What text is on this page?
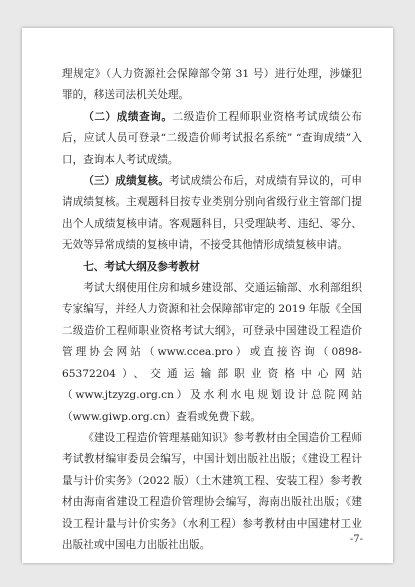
理规定》（人力资源社会保障部令第 31 号）进行处理，涉嫌犯罪的，移送司法机关处理。

（二）成绩查询。二级造价工程师职业资格考试成绩公布后，应试人员可登录“二级造价师考试报名系统” “查询成绩”入口，查询本人考试成绩。

（三）成绩复核。考试成绩公布后，对成绩有异议的，可申请成绩复核。主观题科目按专业类别分别向省级行业主管部门提出个人成绩复核申请。客观题科目，只受理缺考、违纪、零分、无效等异常成绩的复核申请，不接受其他情形成绩复核申请。

七、考试大纲及参考教材

考试大纲使用住房和城乡建设部、交通运输部、水利部组织专家编写，并经人力资源和社会保障部审定的 2019 年版《全国二级造价工程师职业资格考试大纲》，可登录中国建设工程造价管理协会网站（www.ccea.pro）或直接咨询（0898-65372204）、交通运输部职业资格中心网站（www.jtzyzg.org.cn）及水利水电规划设计总院网站（www.giwp.org.cn）查看或免费下载。

《建设工程造价管理基础知识》参考教材由全国造价工程师考试教材编审委员会编写，中国计划出版社出版；《建设工程计量与计价实务》（2022 版）（土木建筑工程、安装工程）参考教材由海南省建设工程造价管理协会编写，海南出版社出版；《建设工程计量与计价实务》（水利工程）参考教材由中国建材工业出版社或中国电力出版社出版。	-7-
